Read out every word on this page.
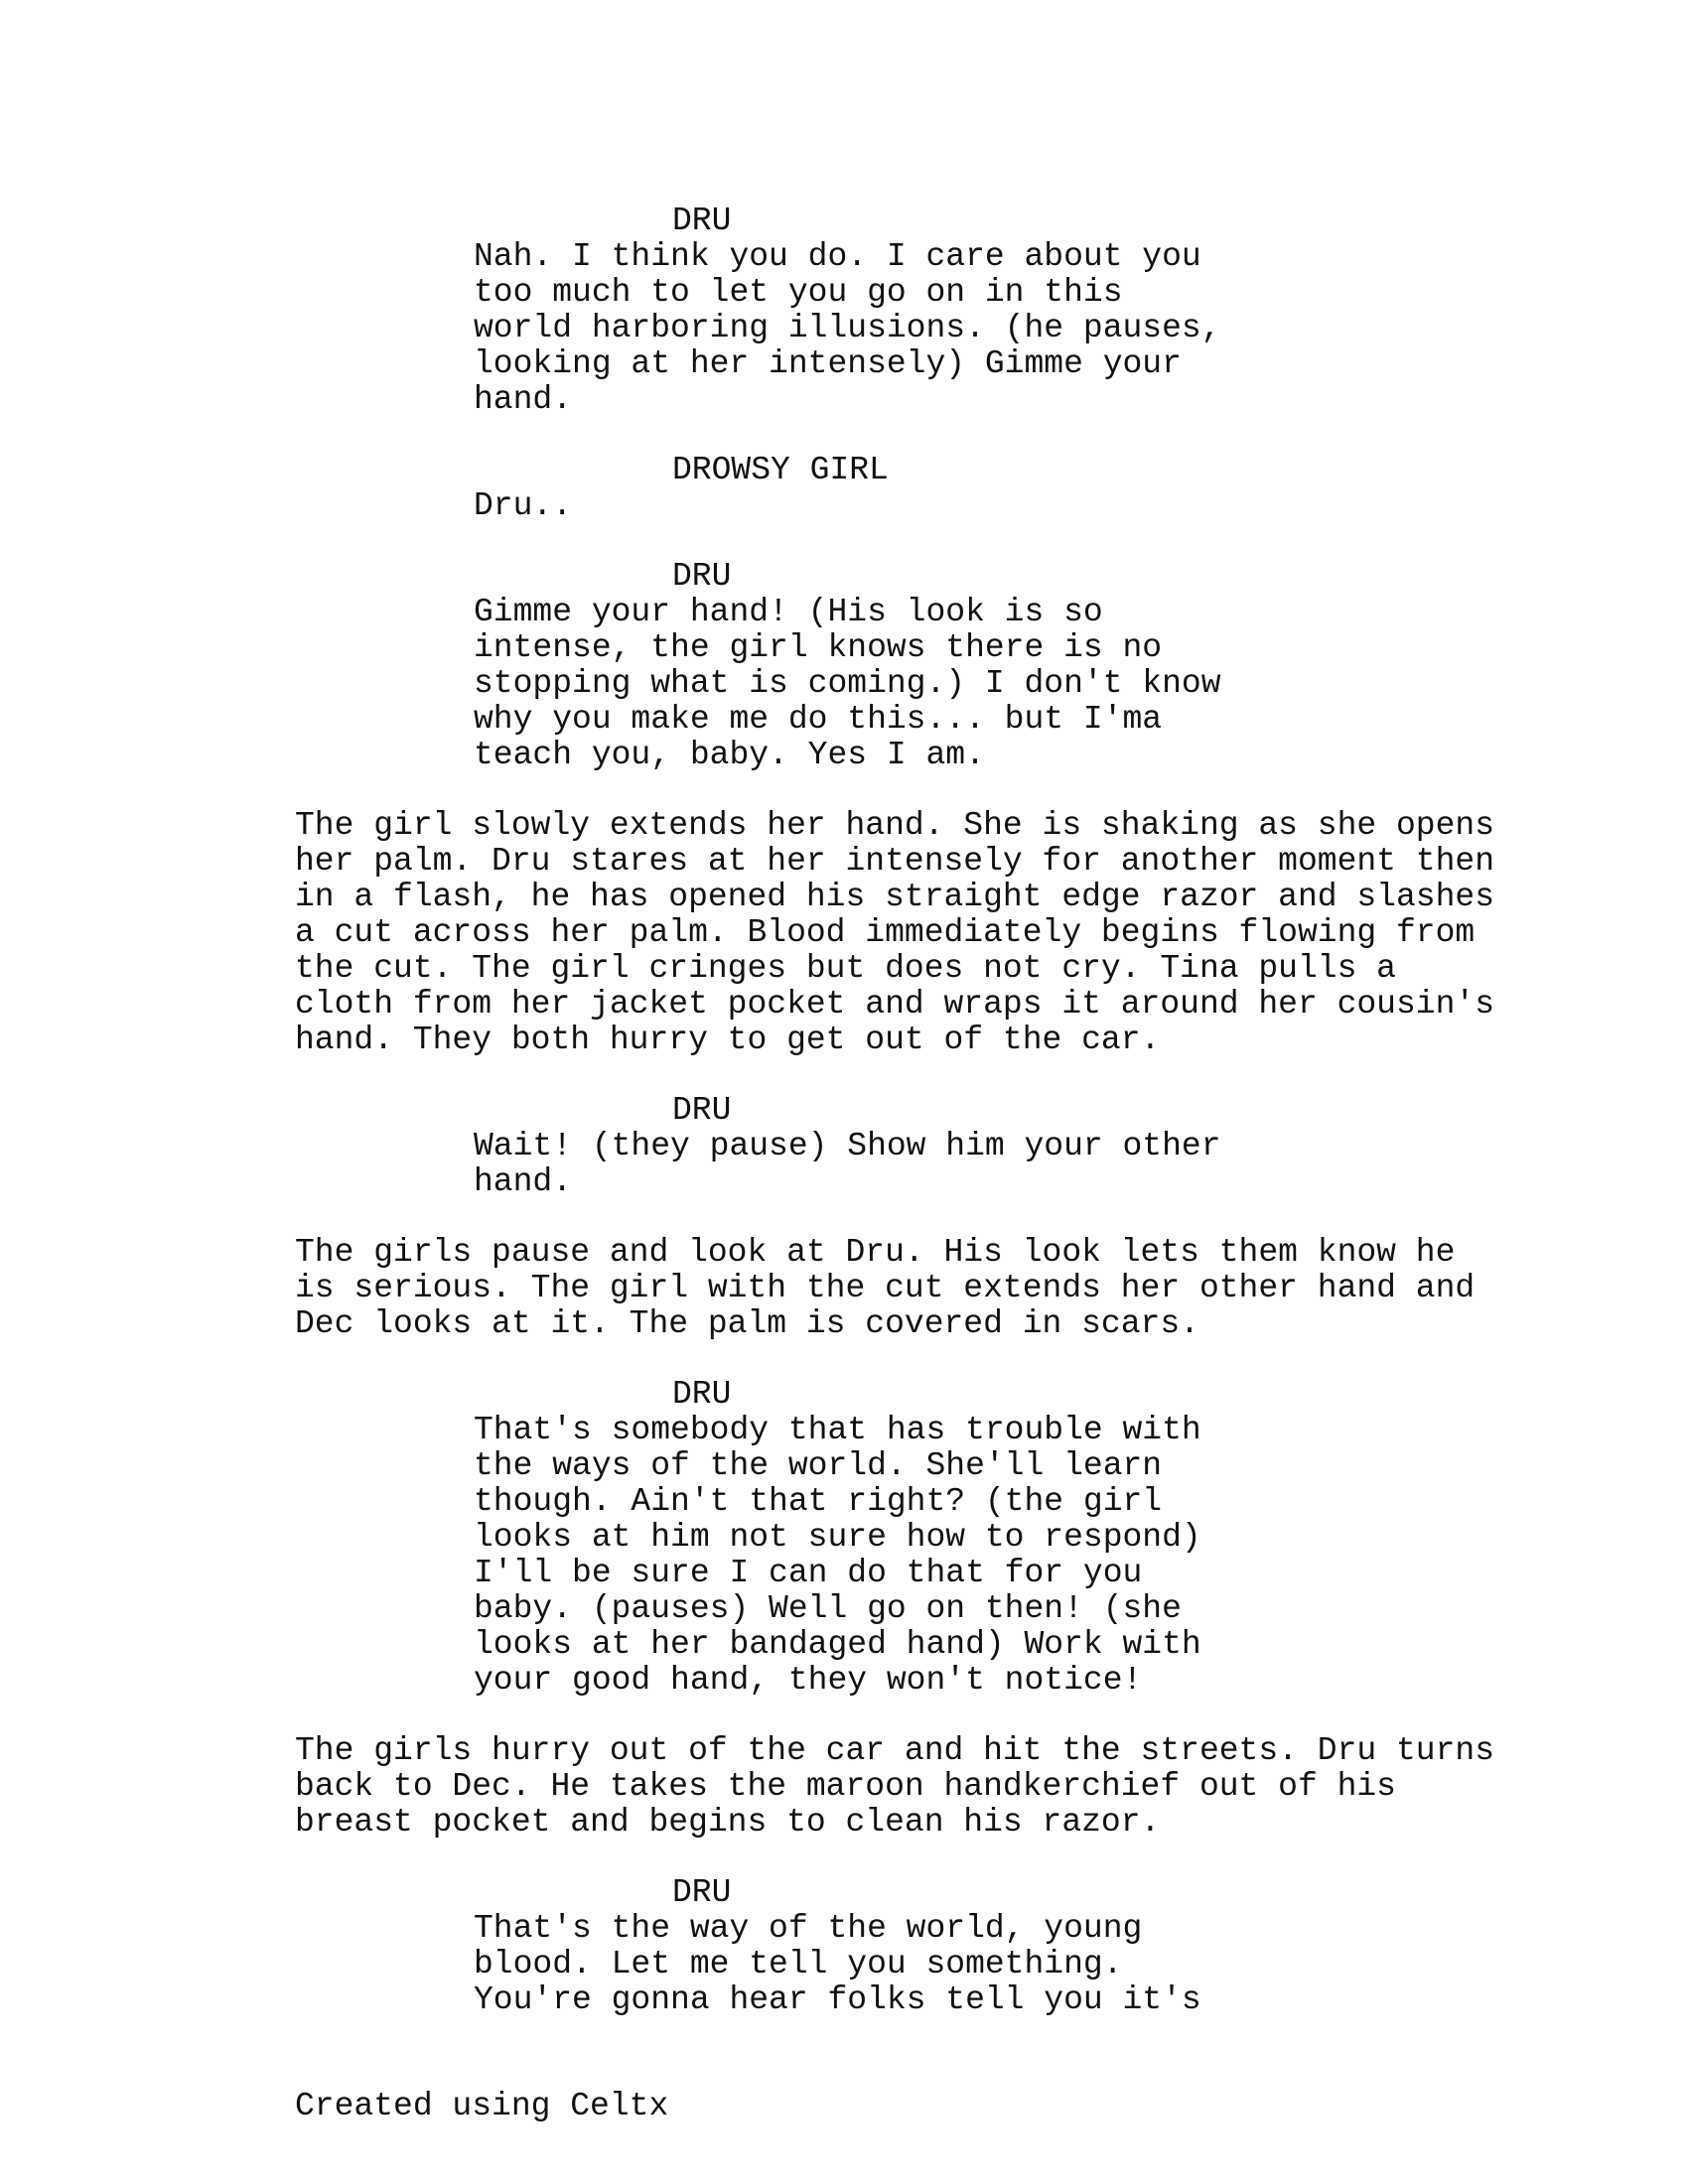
DRU
Nah. I think you do. I care about you
too much to let you go on in this
world harboring illusions. (he pauses,
looking at her intensely) Gimme your
hand.
DROWSY GIRL
Dru..
DRU
Gimme your hand! (His look is so
intense, the girl knows there is no
stopping what is coming.) I don't know
why you make me do this... but I'ma
teach you, baby. Yes I am.
The girl slowly extends her hand. She is shaking as she opens
her palm. Dru stares at her intensely for another moment then
in a flash, he has opened his straight edge razor and slashes
a cut across her palm. Blood immediately begins flowing from
the cut. The girl cringes but does not cry. Tina pulls a
cloth from her jacket pocket and wraps it around her cousin's
hand. They both hurry to get out of the car.
DRU
Wait! (they pause) Show him your other
hand.
The girls pause and look at Dru. His look lets them know he
is serious. The girl with the cut extends her other hand and
Dec looks at it. The palm is covered in scars.
DRU
That's somebody that has trouble with
the ways of the world. She'll learn
though. Ain't that right? (the girl
looks at him not sure how to respond)
I'll be sure I can do that for you
baby. (pauses) Well go on then! (she
looks at her bandaged hand) Work with
your good hand, they won't notice!
The girls hurry out of the car and hit the streets. Dru turns
back to Dec. He takes the maroon handkerchief out of his
breast pocket and begins to clean his razor.
DRU
That's the way of the world, young
blood. Let me tell you something.
You're gonna hear folks tell you it's
Created using Celtx
